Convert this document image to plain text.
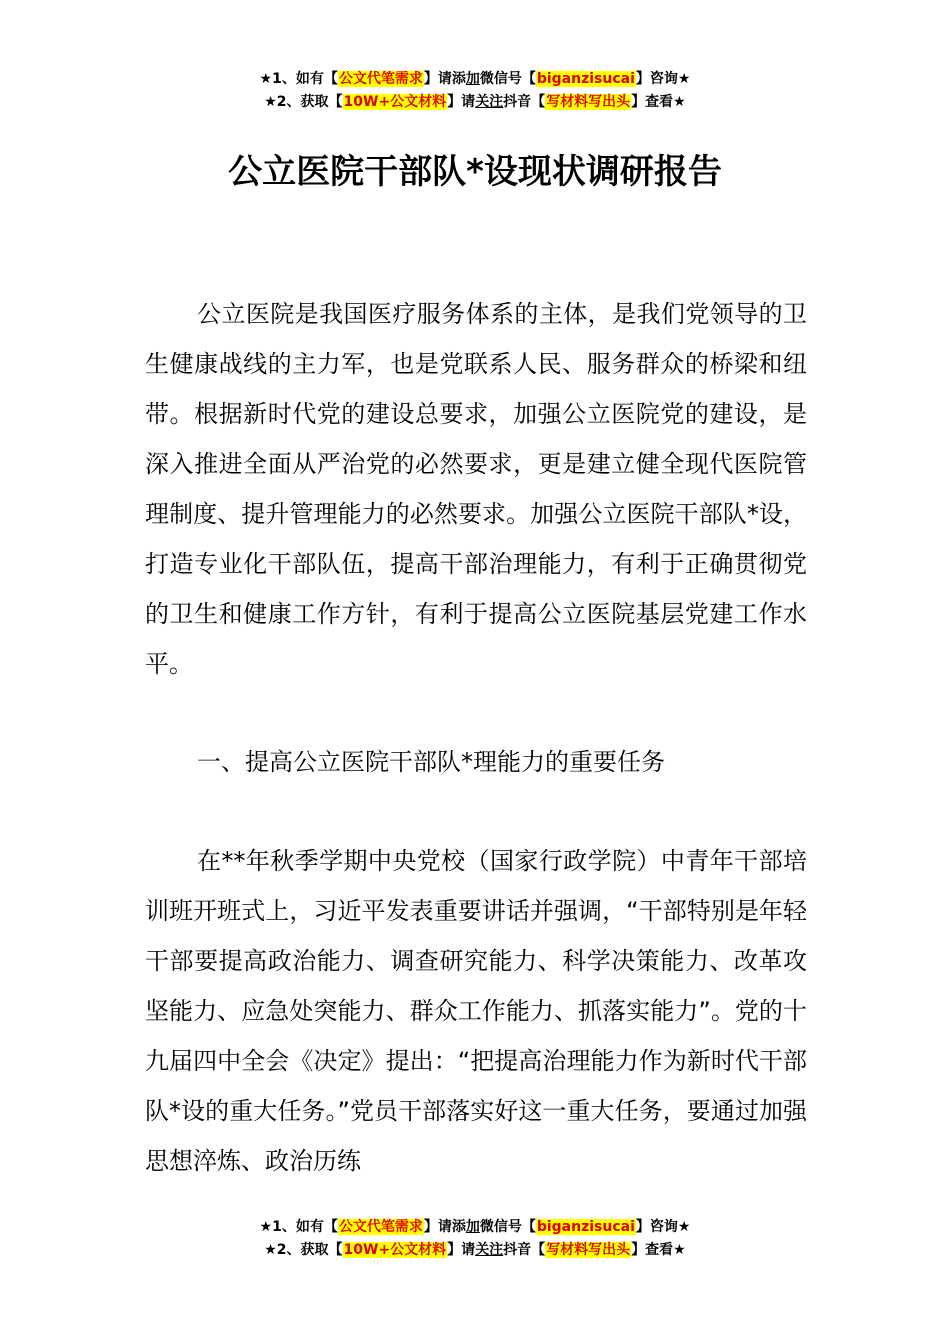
★1、如有【公文代笔需求】请添加微信号【biganzisucai】咨询★
★2、获取【10W+公文材料】请关注抖音【写材料写出头】查看★
公立医院干部队*设现状调研报告
公立医院是我国医疗服务体系的主体，是我们党领导的卫生健康战线的主力军，也是党联系人民、服务群众的桥梁和纽带。根据新时代党的建设总要求，加强公立医院党的建设，是深入推进全面从严治党的必然要求，更是建立健全现代医院管理制度、提升管理能力的必然要求。加强公立医院干部队*设，打造专业化干部队伍，提高干部治理能力，有利于正确贯彻党的卫生和健康工作方针，有利于提高公立医院基层党建工作水平。
一、提高公立医院干部队*理能力的重要任务
在**年秋季学期中央党校（国家行政学院）中青年干部培训班开班式上，习近平发表重要讲话并强调，“干部特别是年轻干部要提高政治能力、调查研究能力、科学决策能力、改革攻坚能力、应急处突能力、群众工作能力、抓落实能力”。党的十九届四中全会《决定》提出：“把提高治理能力作为新时代干部队*设的重大任务。”党员干部落实好这一重大任务，要通过加强思想淬炼、政治历练
★1、如有【公文代笔需求】请添加微信号【biganzisucai】咨询★
★2、获取【10W+公文材料】请关注抖音【写材料写出头】查看★
